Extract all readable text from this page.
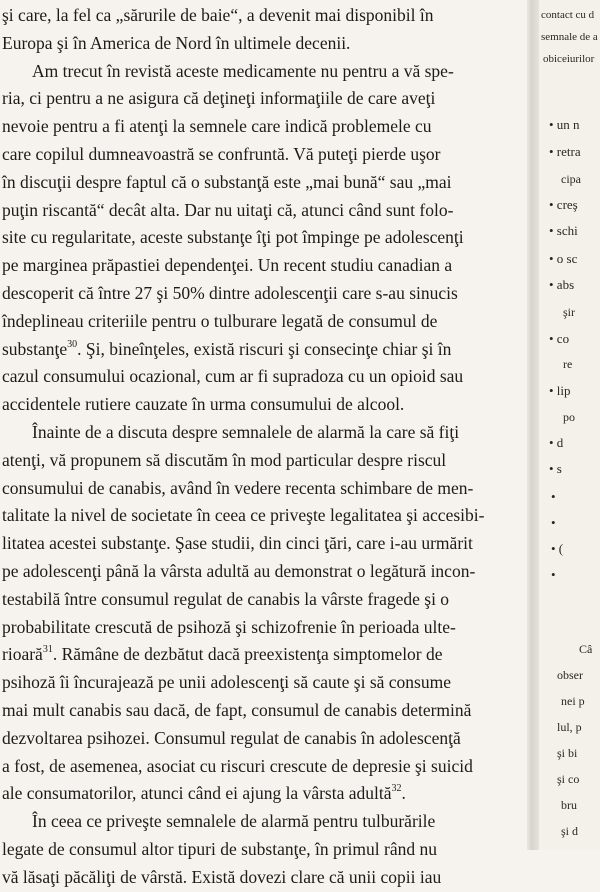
şi care, la fel ca „sărurile de baie“, a devenit mai disponibil în
Europa şi în America de Nord în ultimele decenii.
Am trecut în revistă aceste medicamente nu pentru a vă spe-
ria, ci pentru a ne asigura că deţineţi informaţiile de care aveţi
nevoie pentru a fi atenţi la semnele care indică problemele cu
care copilul dumneavoastră se confruntă. Vă puteţi pierde uşor
în discuţii despre faptul că o substanţă este „mai bună“ sau „mai
puţin riscantă“ decât alta. Dar nu uitaţi că, atunci când sunt folo-
site cu regularitate, aceste substanţe îţi pot împinge pe adolescenţi
pe marginea prăpastiei dependenţei. Un recent studiu canadian a
descoperit că între 27 şi 50% dintre adolescenţii care s-au sinucis
îndeplineau criteriile pentru o tulburare legată de consumul de
substanţe$^{30}$. Şi, bineînţeles, există riscuri şi consecinţe chiar şi în
cazul consumului ocazional, cum ar fi supradoza cu un opioid sau
accidentele rutiere cauzate în urma consumului de alcool.
Înainte de a discuta despre semnalele de alarmă la care să fiţi
atenţi, vă propunem să discutăm în mod particular despre riscul
consumului de canabis, având în vedere recenta schimbare de men-
talitate la nivel de societate în ceea ce priveşte legalitatea şi accesibi-
litatea acestei substanţe. Şase studii, din cinci ţări, care i-au urmărit
pe adolescenţi până la vârsta adultă au demonstrat o legătură incon-
testabilă între consumul regulat de canabis la vârste fragede şi o
probabilitate crescută de psihoză şi schizofrenie în perioada ulte-
rioară$^{31}$. Rămâne de dezbătut dacă preexistenţa simptomelor de
psihoză îi încurajează pe unii adolescenţi să caute şi să consume
mai mult canabis sau dacă, de fapt, consumul de canabis determină
dezvoltarea psihozei. Consumul regulat de canabis în adolescenţă
a fost, de asemenea, asociat cu riscuri crescute de depresie şi suicid
ale consumatorilor, atunci când ei ajung la vârsta adultă$^{32}$.
În ceea ce priveşte semnalele de alarmă pentru tulburările
legate de consumul altor tipuri de substanţe, în primul rând nu
vă lăsaţi păcăliţi de vârstă. Există dovezi clare că unii copii iau
contact cu d
semnale de a
obiceiurilor
• un n
• retra
cipa
• creş
• schi
• o sc
• abs
şir
• co
re
• lip
po
• d
• s
•
•
• (
•
Câ
obser
nei p
lul, p
şi bi
şi co
bru
şi d
